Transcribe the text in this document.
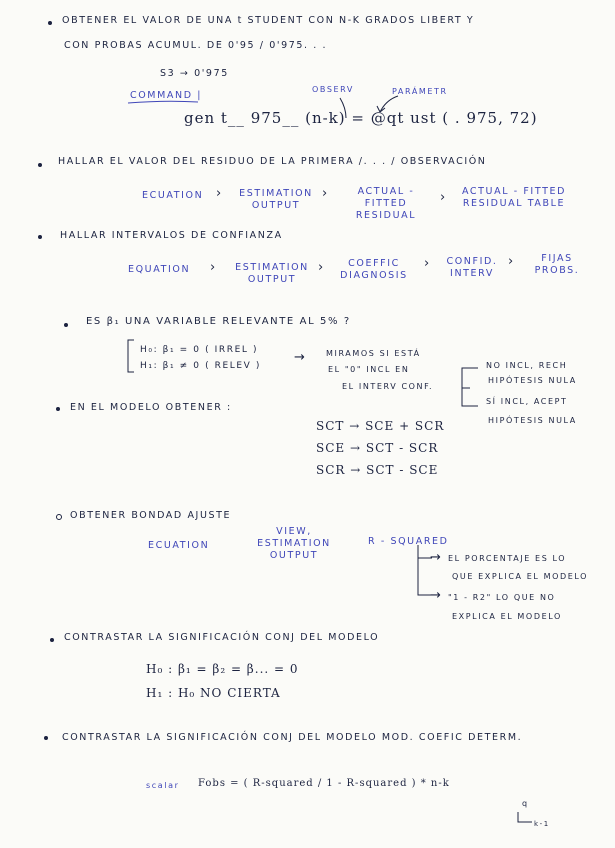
OBTENER EL VALOR DE UNA t STUDENT CON N-K GRADOS LIBERT Y
CON PROBAS ACUMUL. DE 0'95 / 0'975. . .
S3 → 0'975
COMMAND |
OBSERV	PARÁMETR
gen t__ 975__ (n-k) = @qt ust ( . 975, 72)
HALLAR EL VALOR DEL RESIDUO DE LA PRIMERA /. . . / OBSERVACIÓN
ECUATION ›	ESTIMATION OUTPUT
›	ACTUAL - FITTED RESIDUAL
›	ACTUAL - FITTED RESIDUAL TABLE
HALLAR INTERVALOS DE CONFIANZA
EQUATION ›	ESTIMATION OUTPUT
›	COEFFIC DIAGNOSIS
›	CONFID. INTERV
›	FIJAS PROBS.
ES β₁ UNA VARIABLE RELEVANTE AL 5% ?
H₀: β₁ = 0 ( IRREL )
H₁: β₁ ≠ 0 ( RELEV )
→	MIRAMOS SI ESTÁ
EL "0" INCL EN
EL INTERV CONF.
NO INCL, RECH
HIPÓTESIS NULA
SÍ INCL, ACEPT
HIPÓTESIS NULA
EN EL MODELO OBTENER :
SCT → SCE + SCR
SCE → SCT - SCR
SCR → SCT - SCE
OBTENER BONDAD AJUSTE
ECUATION
VIEW, ESTIMATION OUTPUT
R - SQUARED
→ EL PORCENTAJE ES LO
QUE EXPLICA EL MODELO
→ "1 - R2" LO QUE NO
EXPLICA EL MODELO
CONTRASTAR LA SIGNIFICACIÓN CONJ DEL MODELO
H₀ : β₁ = β₂ = β... = 0
H₁ : H₀ NO CIERTA
CONTRASTAR LA SIGNIFICACIÓN CONJ DEL MODELO MOD. COEFIC DETERM.
scalar Fobs = ( R-squared / 1 - R-squared ) * n-k
q
k-1
